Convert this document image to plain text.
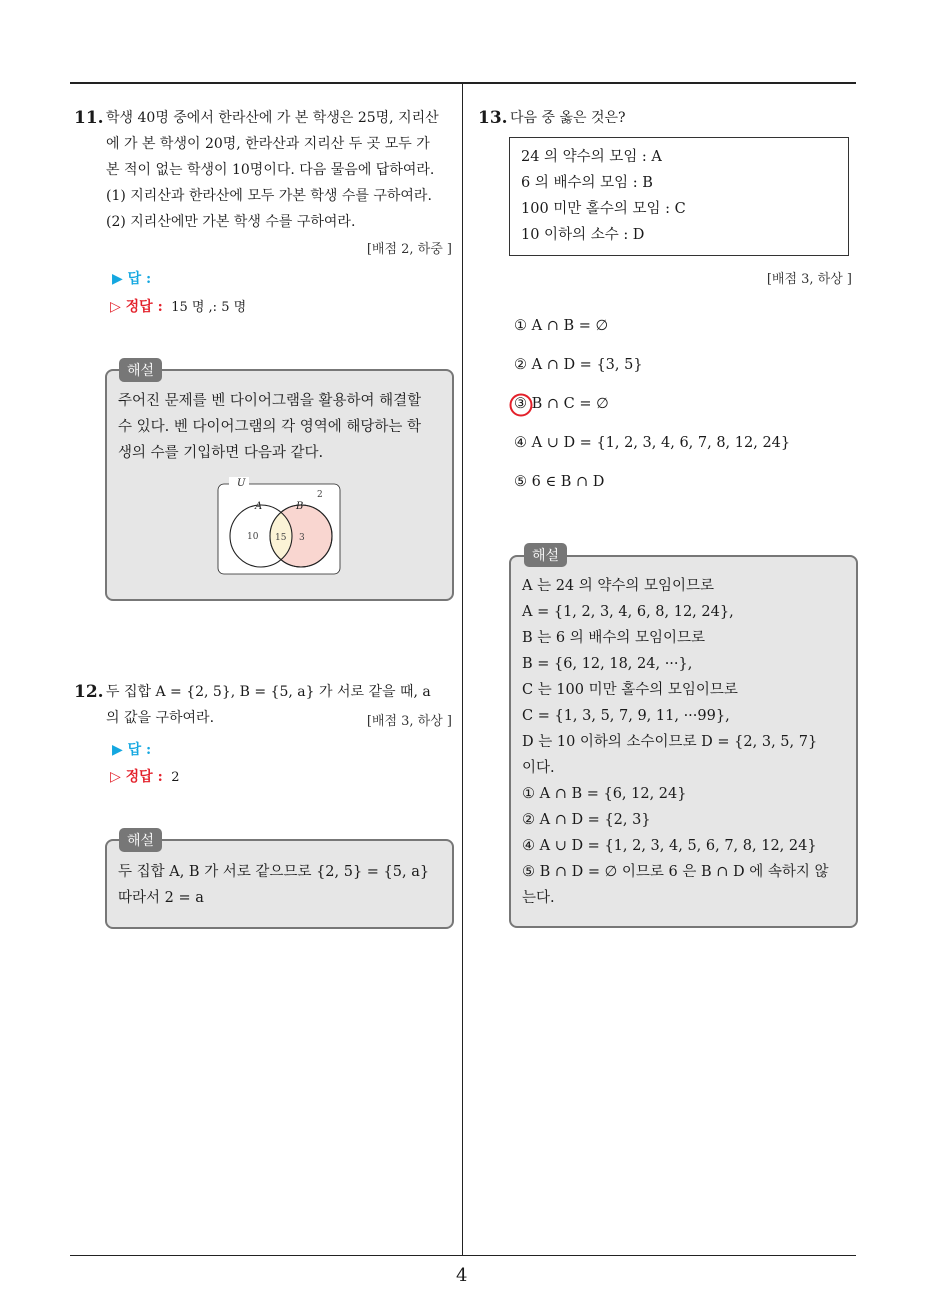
4
11. 학생 40명 중에서 한라산에 가 본 학생은 25명, 지리산
에 가 본 학생이 20명, 한라산과 지리산 두 곳 모두 가
본 적이 없는 학생이 10명이다. 다음 물음에 답하여라.
(1) 지리산과 한라산에 모두 가본 학생 수를 구하여라.
(2) 지리산에만 가본 학생 수를 구하여라.
[배점 2, 하중 ]
▶ 답 :
▷ 정답 : 15 명 ,: 5 명
해설
주어진 문제를 벤 다이어그램을 활용하여 해결할
수 있다. 벤 다이어그램의 각 영역에 해당하는 학
생의 수를 기입하면 다음과 같다.
U
A	B
2
10 15 3
12. 두 집합 A = {2, 5}, B = {5, a} 가 서로 같을 때, a
의 값을 구하여라.	[배점 3, 하상 ]
▶ 답 :
▷ 정답 : 2
해설
두 집합 A, B 가 서로 같으므로 {2, 5} = {5, a}
따라서 2 = a
13. 다음 중 옳은 것은?
24 의 약수의 모임 : A
6 의 배수의 모임 : B
100 미만 홀수의 모임 : C
10 이하의 소수 : D
[배점 3, 하상 ]
① A ∩ B = ∅
② A ∩ D = {3, 5}
③ B ∩ C = ∅
④ A ∪ D = {1, 2, 3, 4, 6, 7, 8, 12, 24}
⑤ 6 ∈ B ∩ D
해설
A 는 24 의 약수의 모임이므로
A = {1, 2, 3, 4, 6, 8, 12, 24},
B 는 6 의 배수의 모임이므로
B = {6, 12, 18, 24, ···},
C 는 100 미만 홀수의 모임이므로
C = {1, 3, 5, 7, 9, 11, ···99},
D 는 10 이하의 소수이므로 D = {2, 3, 5, 7}
이다.
① A ∩ B = {6, 12, 24}
② A ∩ D = {2, 3}
④ A ∪ D = {1, 2, 3, 4, 5, 6, 7, 8, 12, 24}
⑤ B ∩ D = ∅ 이므로 6 은 B ∩ D 에 속하지 않
는다.
